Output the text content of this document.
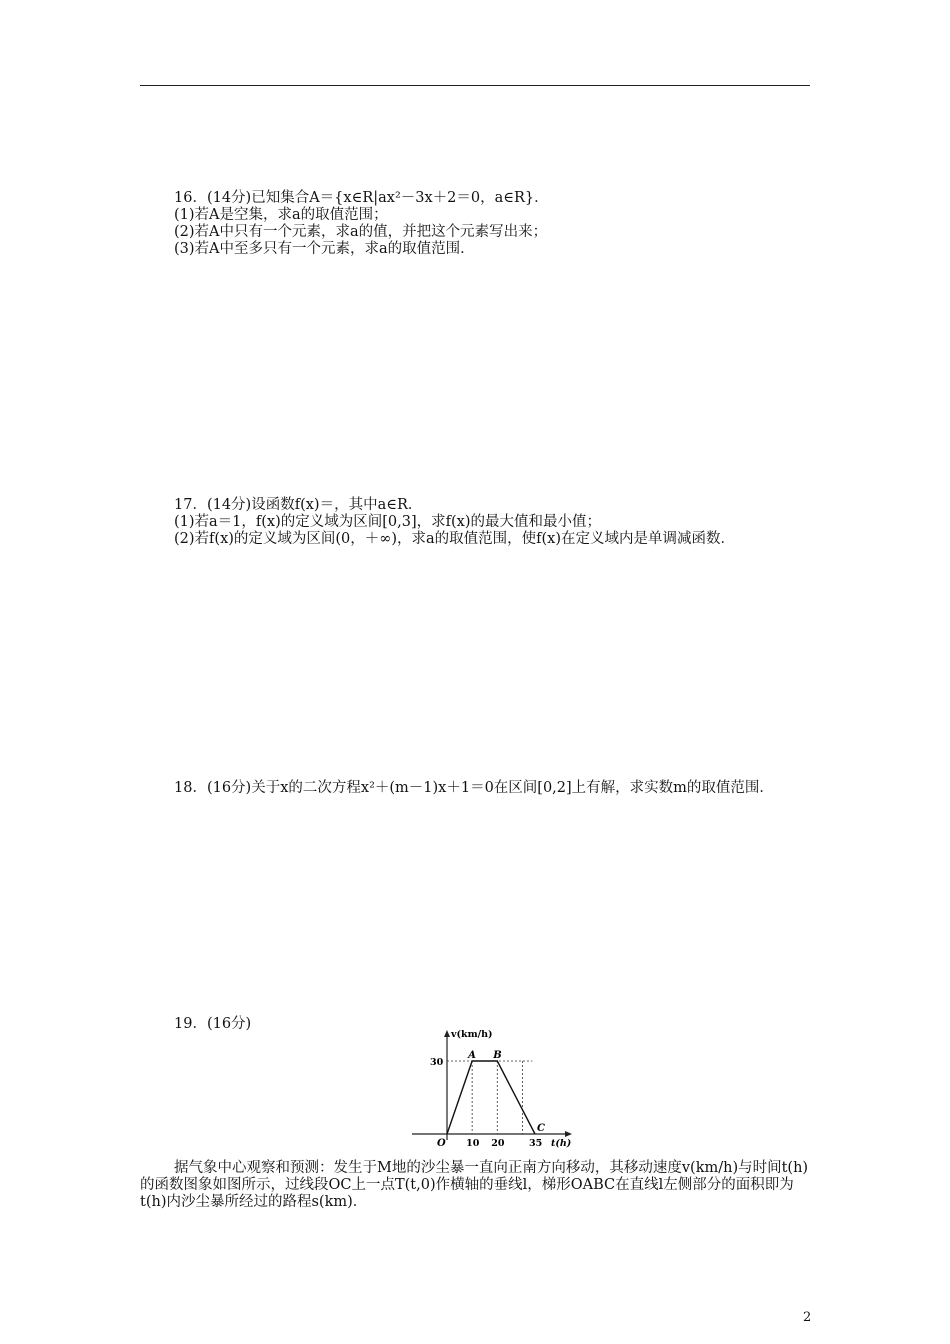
16．(14分)已知集合A＝{x∈R|ax²－3x＋2＝0，a∈R}．

(1)若A是空集，求a的取值范围；

(2)若A中只有一个元素，求a的值，并把这个元素写出来；

(3)若A中至多只有一个元素，求a的取值范围．

17．(14分)设函数f(x)＝，其中a∈R．

(1)若a＝1，f(x)的定义域为区间[0,3]，求f(x)的最大值和最小值；

(2)若f(x)的定义域为区间(0，＋∞)，求a的取值范围，使f(x)在定义域内是单调减函数．

18．(16分)关于x的二次方程x²＋(m－1)x＋1＝0在区间[0,2]上有解，求实数m的取值范围．

19．(16分)

v(km/h)
t(h)
O
A B
C
10 20	35
30

据气象中心观察和预测：发生于M地的沙尘暴一直向正南方向移动，其移动速度v(km/h)与时间t(h)的函数图象如图所示，过线段OC上一点T(t,0)作横轴的垂线l，梯形OABC在直线l左侧部分的面积即为t(h)内沙尘暴所经过的路程s(km)．

2
